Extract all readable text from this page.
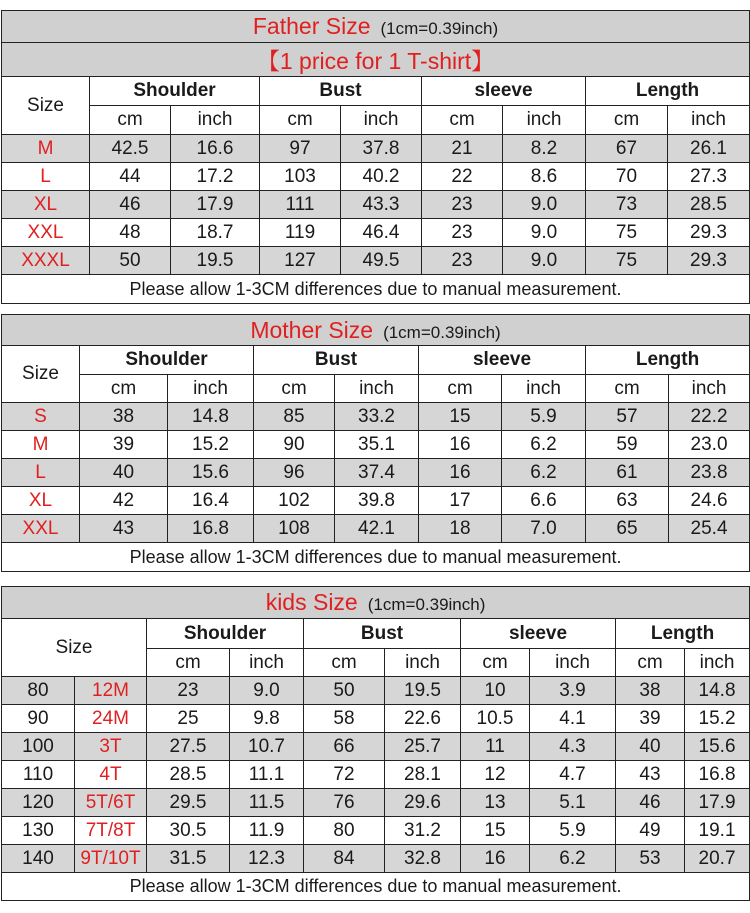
Father Size (1cm=0.39inch)								
【1 price for 1 T-shirt】								
Size	Shoulder		Bust		sleeve		Length	
	cm	inch	cm	inch	cm	inch	cm	inch
M	42.5	16.6	97	37.8	21	8.2	67	26.1
L	44	17.2	103	40.2	22	8.6	70	27.3
XL	46	17.9	111	43.3	23	9.0	73	28.5
XXL	48	18.7	119	46.4	23	9.0	75	29.3
XXXL	50	19.5	127	49.5	23	9.0	75	29.3
Please allow 1-3CM differences due to manual measurement.								
Mother Size (1cm=0.39inch)								
Size	Shoulder		Bust		sleeve		Length	
	cm	inch	cm	inch	cm	inch	cm	inch
S	38	14.8	85	33.2	15	5.9	57	22.2
M	39	15.2	90	35.1	16	6.2	59	23.0
L	40	15.6	96	37.4	16	6.2	61	23.8
XL	42	16.4	102	39.8	17	6.6	63	24.6
XXL	43	16.8	108	42.1	18	7.0	65	25.4
Please allow 1-3CM differences due to manual measurement.								
kids Size (1cm=0.39inch)									
Size		Shoulder		Bust		sleeve		Length	
		cm	inch	cm	inch	cm	inch	cm	inch
80	12M	23	9.0	50	19.5	10	3.9	38	14.8
90	24M	25	9.8	58	22.6	10.5	4.1	39	15.2
100	3T	27.5	10.7	66	25.7	11	4.3	40	15.6
110	4T	28.5	11.1	72	28.1	12	4.7	43	16.8
120	5T/6T	29.5	11.5	76	29.6	13	5.1	46	17.9
130	7T/8T	30.5	11.9	80	31.2	15	5.9	49	19.1
140	9T/10T	31.5	12.3	84	32.8	16	6.2	53	20.7
Please allow 1-3CM differences due to manual measurement.									
